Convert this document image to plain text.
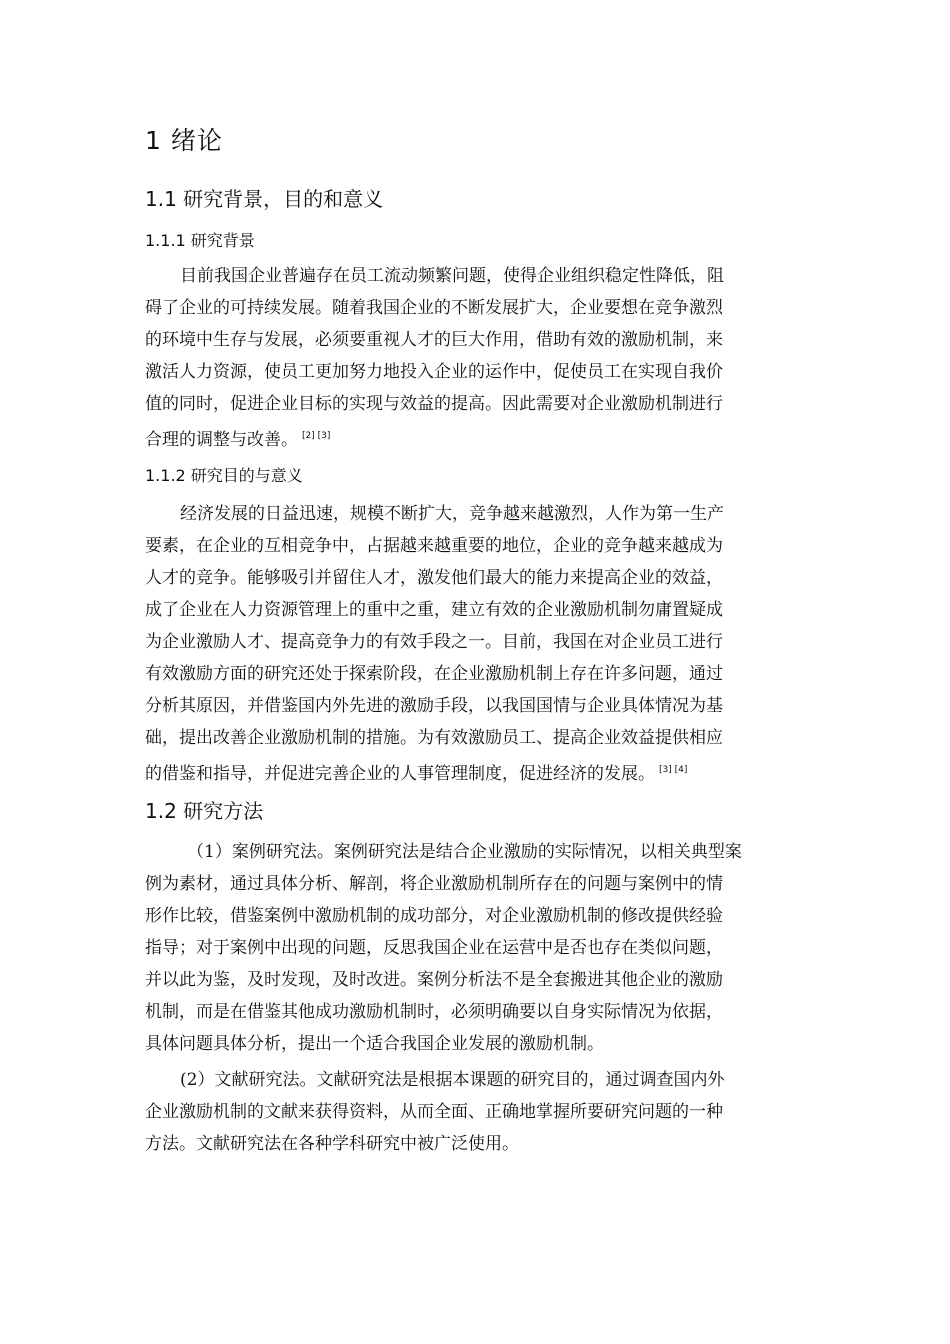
1 绪论
1.1 研究背景，目的和意义
1.1.1 研究背景
目前我国企业普遍存在员工流动频繁问题，使得企业组织稳定性降低，阻
碍了企业的可持续发展。随着我国企业的不断发展扩大，企业要想在竞争激烈
的环境中生存与发展，必须要重视人才的巨大作用，借助有效的激励机制，来
激活人力资源，使员工更加努力地投入企业的运作中，促使员工在实现自我价
值的同时，促进企业目标的实现与效益的提高。因此需要对企业激励机制进行
合理的调整与改善。 [2] [3]
1.1.2 研究目的与意义
经济发展的日益迅速，规模不断扩大，竞争越来越激烈，人作为第一生产
要素，在企业的互相竞争中，占据越来越重要的地位，企业的竞争越来越成为
人才的竞争。能够吸引并留住人才，激发他们最大的能力来提高企业的效益，
成了企业在人力资源管理上的重中之重，建立有效的企业激励机制勿庸置疑成
为企业激励人才、提高竞争力的有效手段之一。目前，我国在对企业员工进行
有效激励方面的研究还处于探索阶段，在企业激励机制上存在许多问题，通过
分析其原因，并借鉴国内外先进的激励手段，以我国国情与企业具体情况为基
础，提出改善企业激励机制的措施。为有效激励员工、提高企业效益提供相应
的借鉴和指导，并促进完善企业的人事管理制度，促进经济的发展。 [3] [4]
1.2 研究方法
（1）案例研究法。案例研究法是结合企业激励的实际情况，以相关典型案
例为素材，通过具体分析、解剖，将企业激励机制所存在的问题与案例中的情
形作比较，借鉴案例中激励机制的成功部分，对企业激励机制的修改提供经验
指导；对于案例中出现的问题，反思我国企业在运营中是否也存在类似问题，
并以此为鉴，及时发现，及时改进。案例分析法不是全套搬进其他企业的激励
机制，而是在借鉴其他成功激励机制时，必须明确要以自身实际情况为依据，
具体问题具体分析，提出一个适合我国企业发展的激励机制。
(2）文献研究法。文献研究法是根据本课题的研究目的，通过调查国内外
企业激励机制的文献来获得资料，从而全面、正确地掌握所要研究问题的一种
方法。文献研究法在各种学科研究中被广泛使用。
